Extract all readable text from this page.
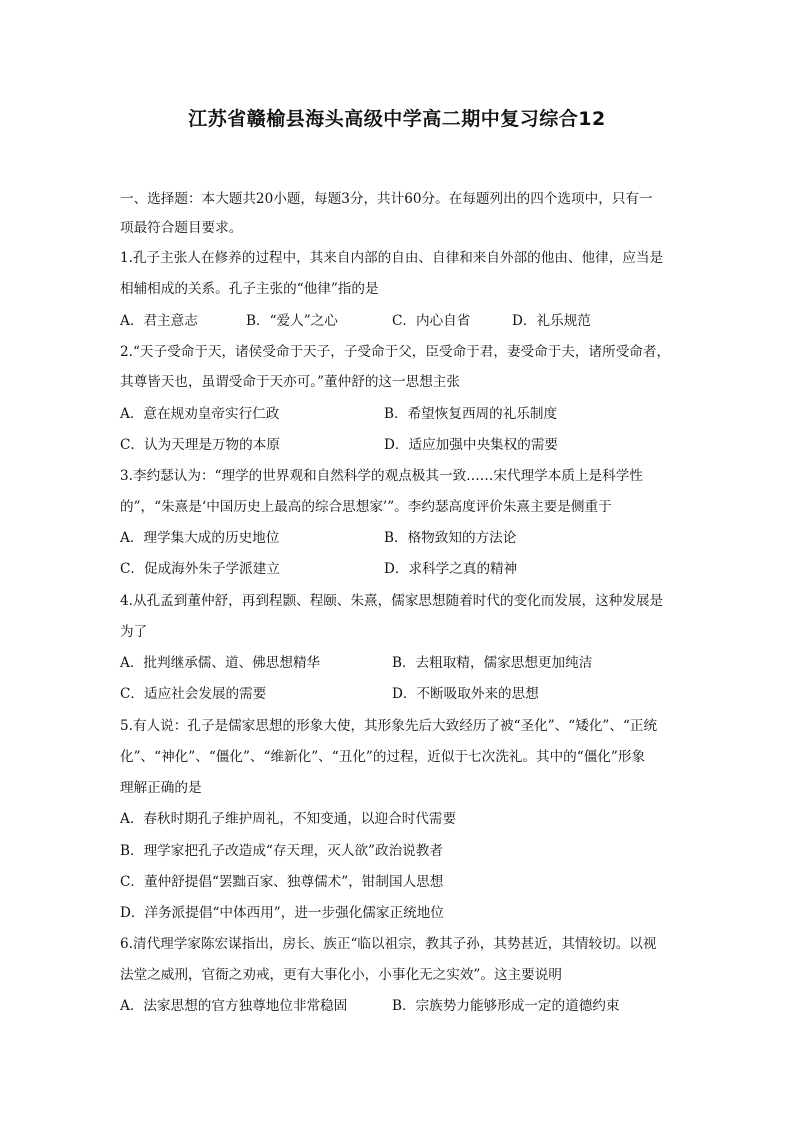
江苏省赣榆县海头高级中学高二期中复习综合12
一、选择题：本大题共20小题，每题3分，共计60分。在每题列出的四个选项中，只有一
项最符合题目要求。
1.孔子主张人在修养的过程中，其来自内部的自由、自律和来自外部的他由、他律，应当是
相辅相成的关系。孔子主张的“他律”指的是
A．君主意志	B．“爱人”之心	C．内心自省	D．礼乐规范
2.“天子受命于天，诸侯受命于天子，子受命于父，臣受命于君，妻受命于夫，诸所受命者，
其尊皆天也，虽谓受命于天亦可。”董仲舒的这一思想主张
A．意在规劝皇帝实行仁政	B．希望恢复西周的礼乐制度
C．认为天理是万物的本原	D．适应加强中央集权的需要
3.李约瑟认为：“理学的世界观和自然科学的观点极其一致……宋代理学本质上是科学性
的”，“朱熹是‘中国历史上最高的综合思想家’”。李约瑟高度评价朱熹主要是侧重于
A．理学集大成的历史地位	B．格物致知的方法论
C．促成海外朱子学派建立	D．求科学之真的精神
4.从孔孟到董仲舒，再到程颢、程颐、朱熹，儒家思想随着时代的变化而发展，这种发展是
为了
A．批判继承儒、道、佛思想精华	B．去粗取精，儒家思想更加纯洁
C．适应社会发展的需要	D．不断吸取外来的思想
5.有人说：孔子是儒家思想的形象大使，其形象先后大致经历了被“圣化”、“矮化”、“正统
化”、“神化”、“僵化”、“维新化”、“丑化”的过程，近似于七次洗礼。其中的“僵化”形象
理解正确的是
A．春秋时期孔子维护周礼，不知变通，以迎合时代需要
B．理学家把孔子改造成“存天理，灭人欲”政治说教者
C．董仲舒提倡“罢黜百家、独尊儒术”，钳制国人思想
D．洋务派提倡“中体西用”，进一步强化儒家正统地位
6.清代理学家陈宏谋指出，房长、族正“临以祖宗，教其子孙，其势甚近，其情较切。以视
法堂之威刑，官衙之劝戒，更有大事化小，小事化无之实效”。这主要说明
A．法家思想的官方独尊地位非常稳固	B．宗族势力能够形成一定的道德约束
